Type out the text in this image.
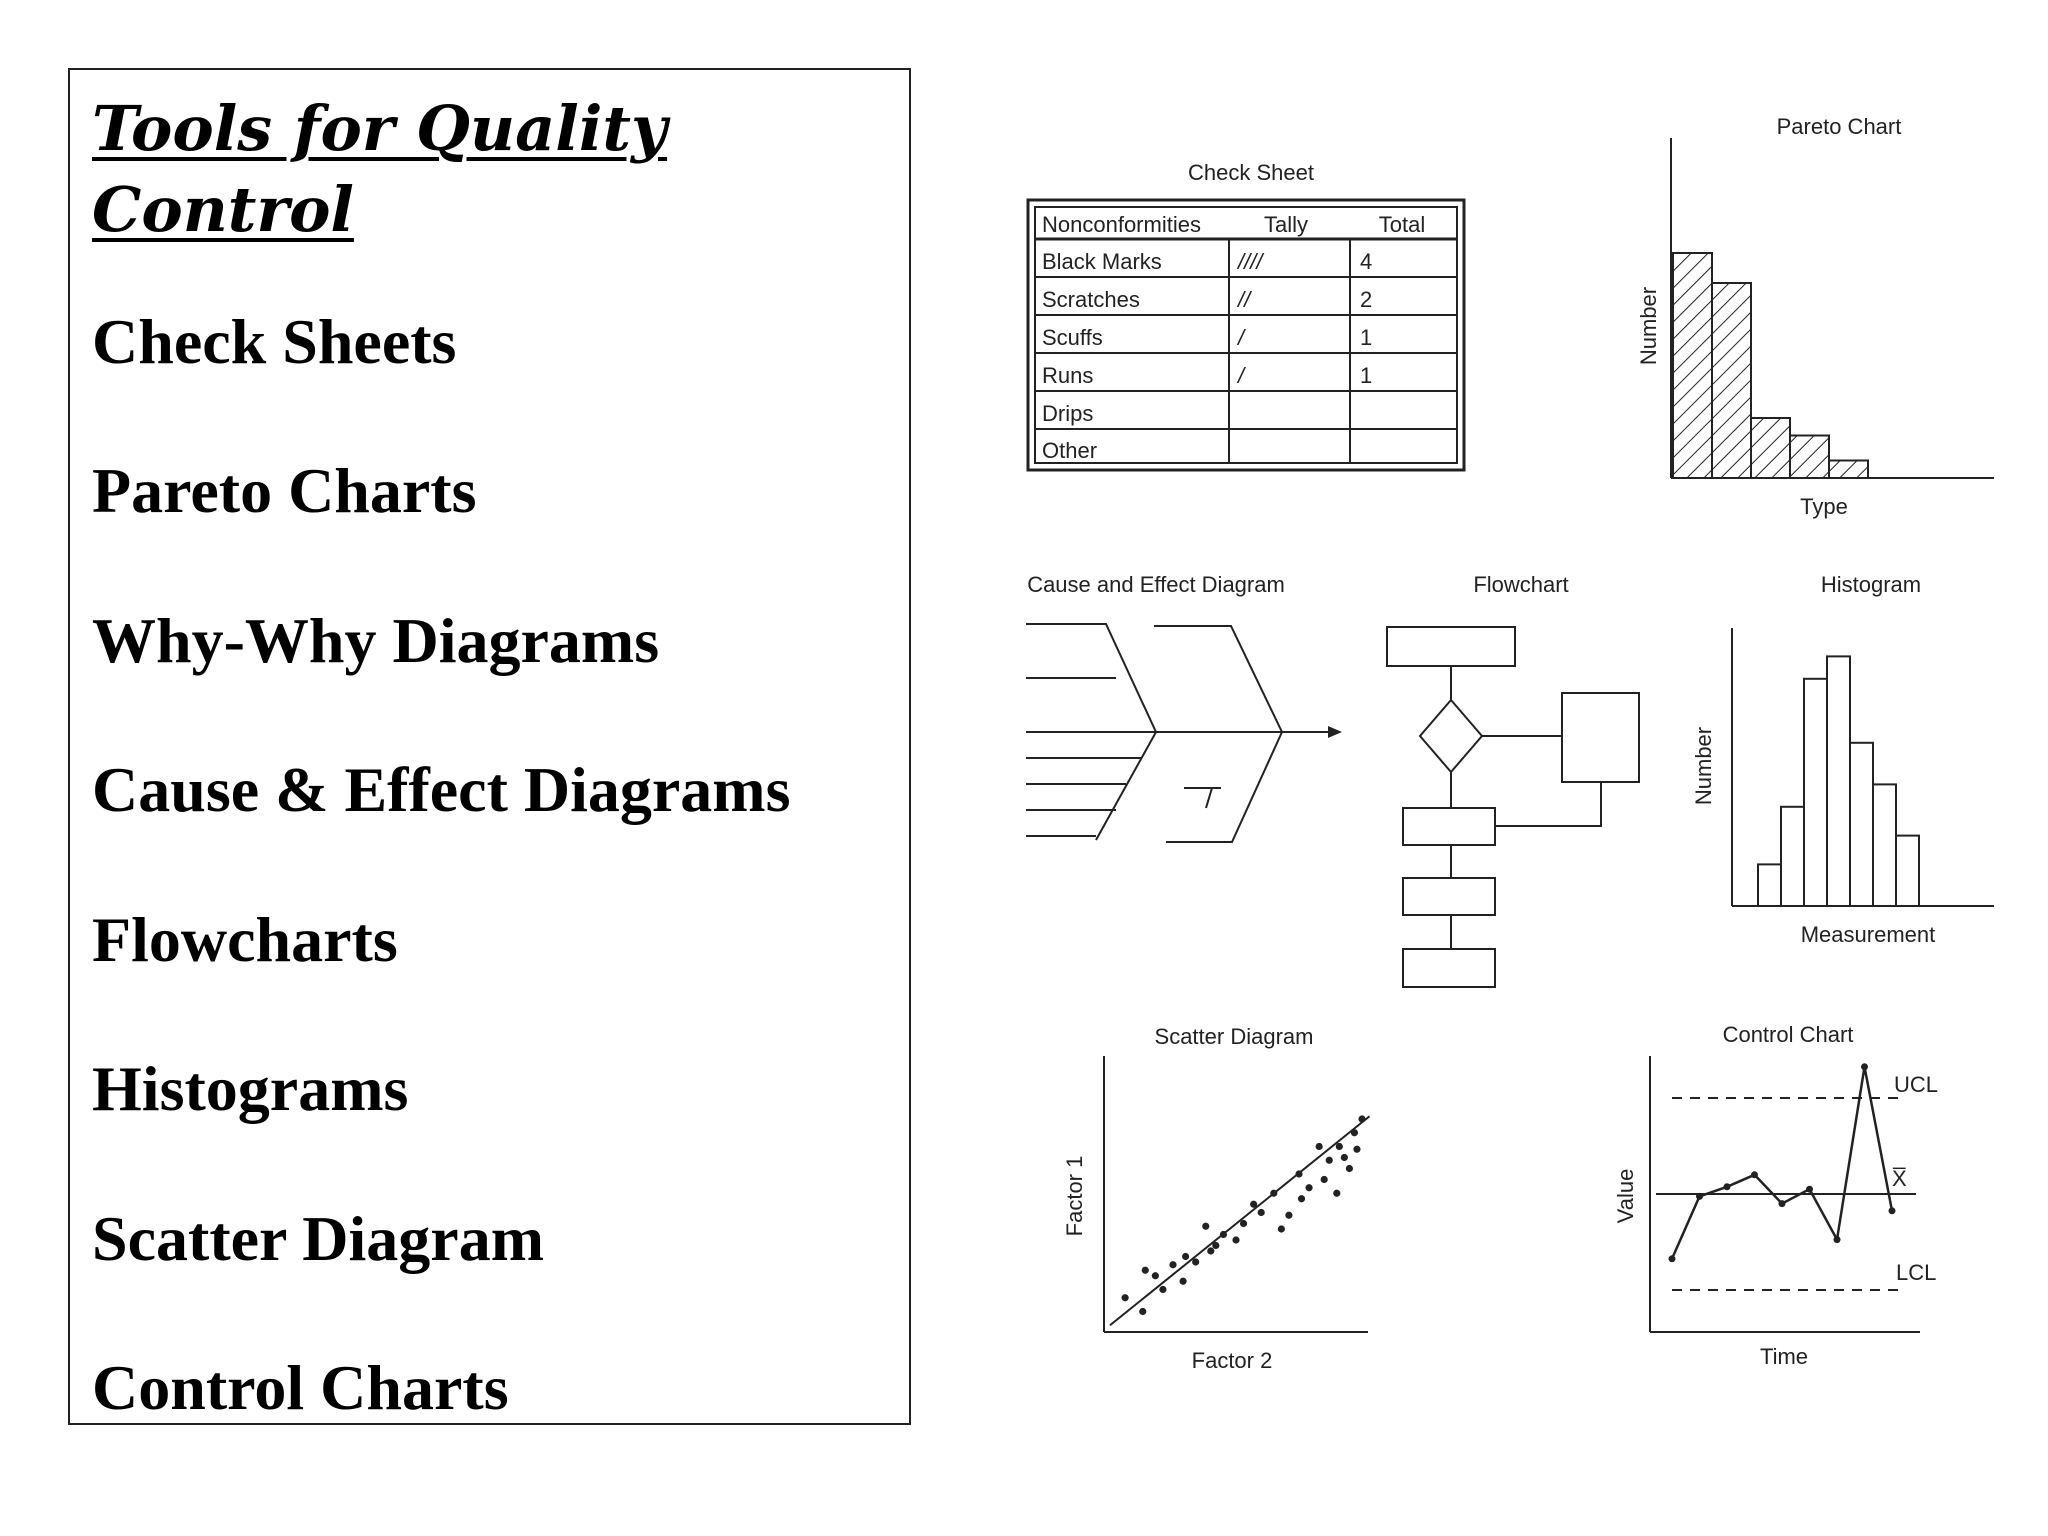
Tools for Quality Control
Check Sheets
Pareto Charts
Why-Why Diagrams
Cause & Effect Diagrams
Flowcharts
Histograms
Scatter Diagram
Control Charts
Check Sheet
Nonconformities	Tally	Total
Black Marks	////	4
Scratches	//	2
Scuffs	/	1
Runs	/	1
Drips
Other
Pareto Chart
Number
Type
Cause and Effect Diagram	Flowchart	Histogram
Number
Measurement
Scatter Diagram
Factor 1
Factor 2
Control Chart
Value
Time
UCL
X̅
LCL
